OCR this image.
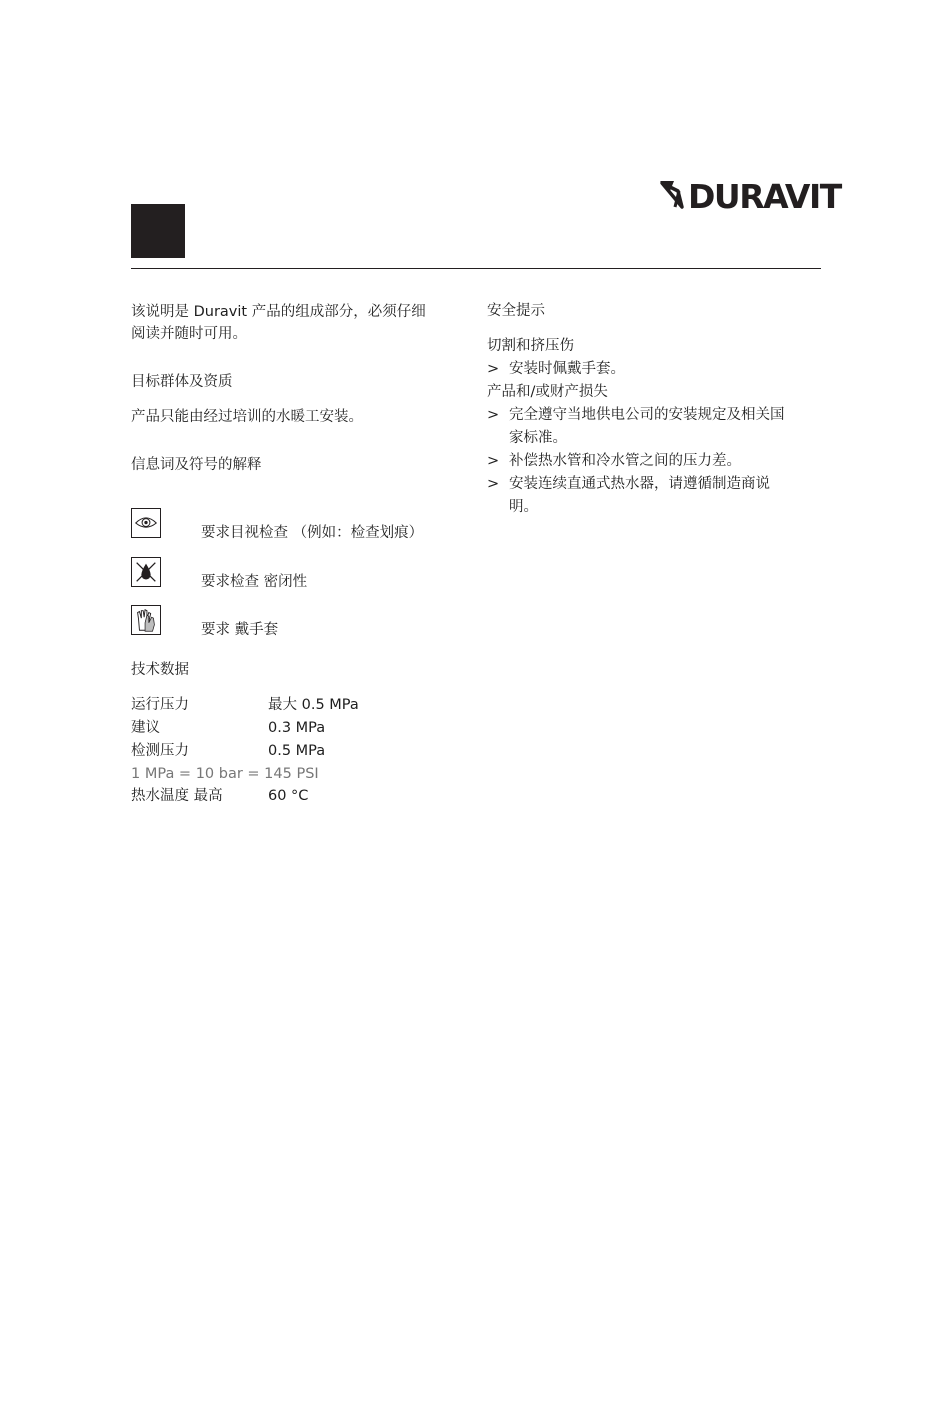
DURAVIT
该说明是 Duravit 产品的组成部分，必须仔细
阅读并随时可用。
目标群体及资质
产品只能由经过培训的水暖工安装。
信息词及符号的解释
要求目视检查 （例如：检查划痕）
要求检查 密闭性
要求 戴手套
技术数据
运行压力	最大 0.5 MPa
建议	0.3 MPa
检测压力	0.5 MPa
1 MPa = 10 bar = 145 PSI
热水温度 最高	60 °C
安全提示
切割和挤压伤
> 安装时佩戴手套。
产品和/或财产损失
> 完全遵守当地供电公司的安装规定及相关国
家标准。
> 补偿热水管和冷水管之间的压力差。
> 安装连续直通式热水器，请遵循制造商说
明。
